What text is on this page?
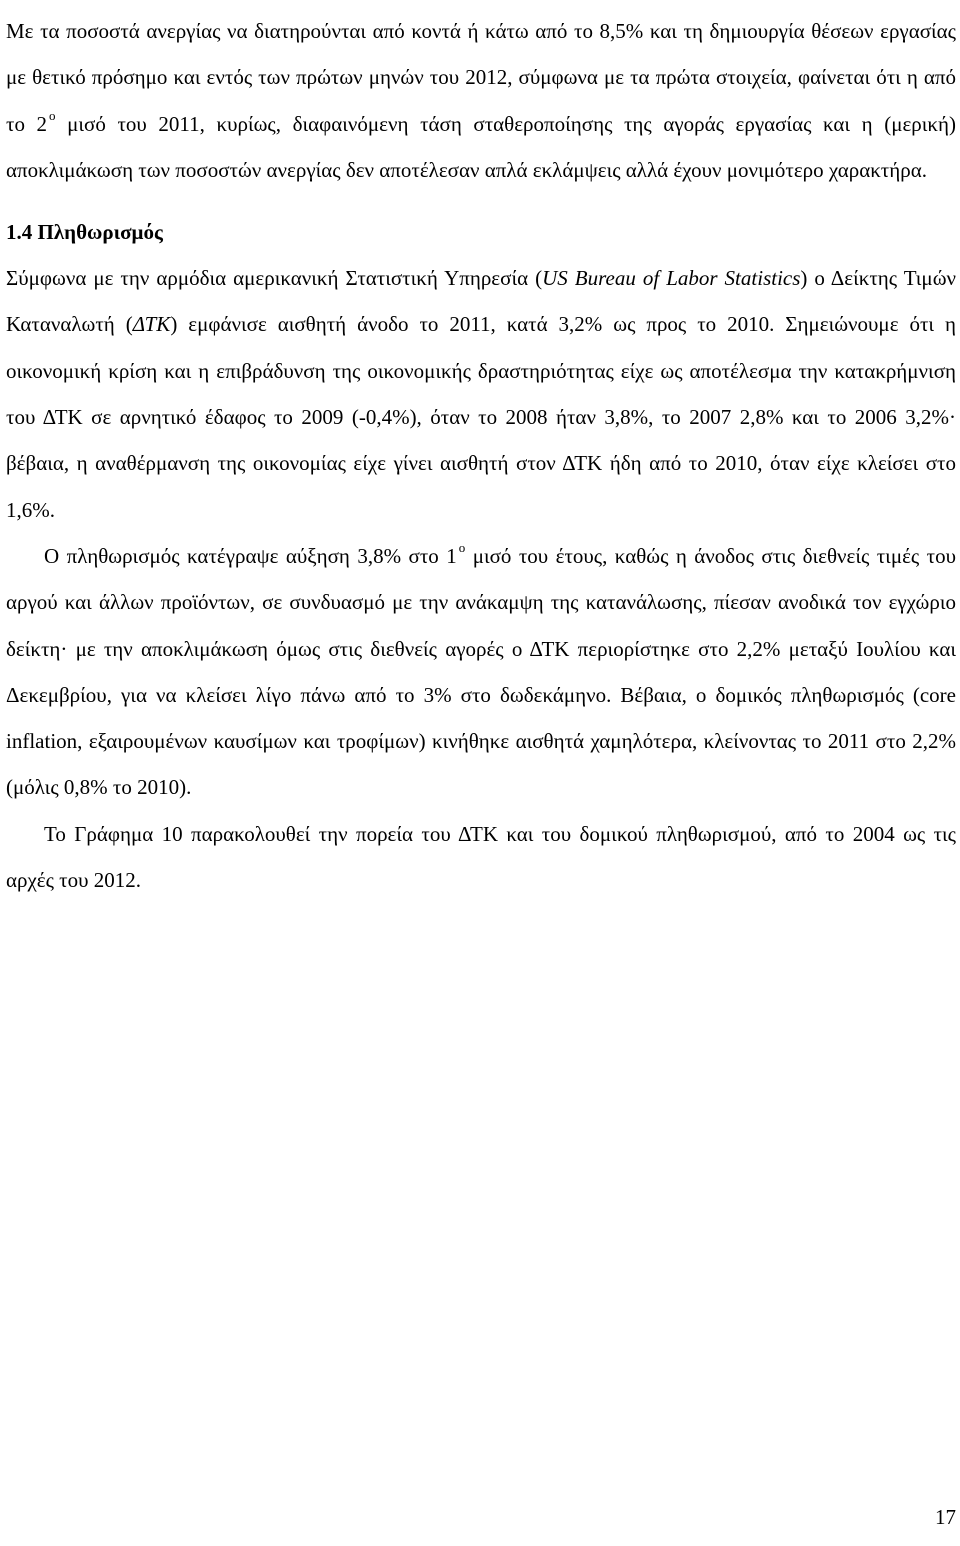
Με τα ποσοστά ανεργίας να διατηρούνται από κοντά ή κάτω από το 8,5% και τη δημιουργία θέσεων εργασίας με θετικό πρόσημο και εντός των πρώτων μηνών του 2012, σύμφωνα με τα πρώτα στοιχεία, φαίνεται ότι η από το 2 $^o$ μισό του 2011, κυρίως, διαφαινόμενη τάση σταθεροποίησης της αγοράς εργασίας και η (μερική) αποκλιμάκωση των ποσοστών ανεργίας δεν αποτέλεσαν απλά εκλάμψεις αλλά έχουν μονιμότερο χαρακτήρα.

1.4 Πληθωρισμός

Σύμφωνα με την αρμόδια αμερικανική Στατιστική Υπηρεσία (US Bureau of Labor Statistics) ο Δείκτης Τιμών Καταναλωτή (ΔΤΚ) εμφάνισε αισθητή άνοδο το 2011, κατά 3,2% ως προς το 2010. Σημειώνουμε ότι η οικονομική κρίση και η επιβράδυνση της οικονομικής δραστηριότητας είχε ως αποτέλεσμα την κατακρήμνιση του ΔΤΚ σε αρνητικό έδαφος το 2009 (-0,4%), όταν το 2008 ήταν 3,8%, το 2007 2,8% και το 2006 3,2%· βέβαια, η αναθέρμανση της οικονομίας είχε γίνει αισθητή στον ΔΤΚ ήδη από το 2010, όταν είχε κλείσει στο 1,6%.

Ο πληθωρισμός κατέγραψε αύξηση 3,8% στο 1 $^o$ μισό του έτους, καθώς η άνοδος στις διεθνείς τιμές του αργού και άλλων προϊόντων, σε συνδυασμό με την ανάκαμψη της κατανάλωσης, πίεσαν ανοδικά τον εγχώριο δείκτη· με την αποκλιμάκωση όμως στις διεθνείς αγορές ο ΔΤΚ περιορίστηκε στο 2,2% μεταξύ Ιουλίου και Δεκεμβρίου, για να κλείσει λίγο πάνω από το 3% στο δωδεκάμηνο. Βέβαια, ο δομικός πληθωρισμός (core inflation, εξαιρουμένων καυσίμων και τροφίμων) κινήθηκε αισθητά χαμηλότερα, κλείνοντας το 2011 στο 2,2% (μόλις 0,8% το 2010).

Το Γράφημα 10 παρακολουθεί την πορεία του ΔΤΚ και του δομικού πληθωρισμού, από το 2004 ως τις αρχές του 2012.

17
